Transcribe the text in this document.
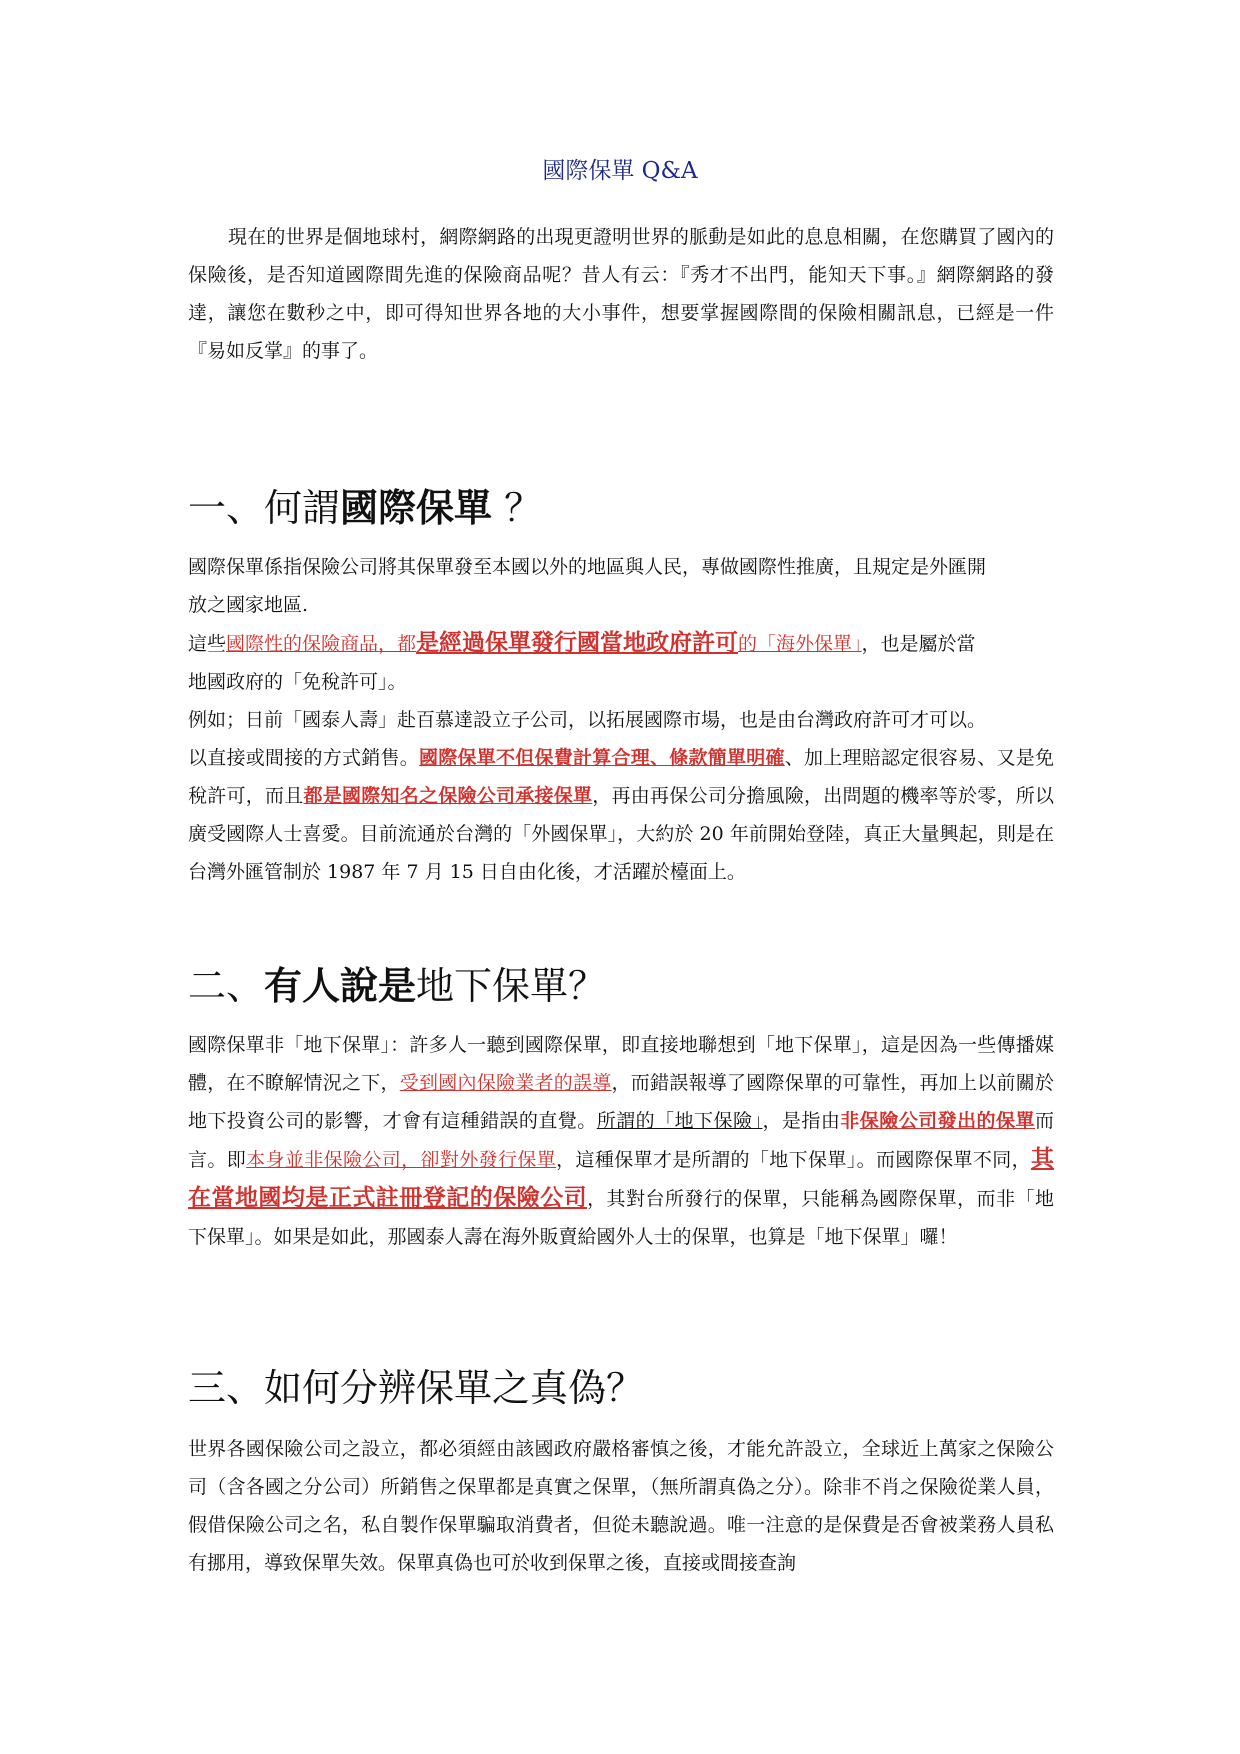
國際保單 Q&A

現在的世界是個地球村，網際網路的出現更證明世界的脈動是如此的息息相關，在您購買了國內的保險後，是否知道國際間先進的保險商品呢？昔人有云：『秀才不出門，能知天下事。』網際網路的發達，讓您在數秒之中，即可得知世界各地的大小事件，想要掌握國際間的保險相關訊息，已經是一件『易如反掌』的事了。

一、何謂國際保單 ？

國際保單係指保險公司將其保單發至本國以外的地區與人民，專做國際性推廣，且規定是外匯開
放之國家地區.
這些國際性的保險商品，都是經過保單發行國當地政府許可的「海外保單」，也是屬於當
地國政府的「免稅許可」。
例如；日前「國泰人壽」赴百慕達設立子公司，以拓展國際市場，也是由台灣政府許可才可以。
以直接或間接的方式銷售。國際保單不但保費計算合理、條款簡單明確、加上理賠認定很容易、又是免稅許可，而且都是國際知名之保險公司承接保單，再由再保公司分擔風險，出問題的機率等於零，所以廣受國際人士喜愛。目前流通於台灣的「外國保單」，大約於 20 年前開始登陸，真正大量興起，則是在台灣外匯管制於 1987 年 7 月 15 日自由化後，才活躍於檯面上。

二、有人說是地下保單？

國際保單非「地下保單」：許多人一聽到國際保單，即直接地聯想到「地下保單」，這是因為一些傳播媒體，在不瞭解情況之下，受到國內保險業者的誤導，而錯誤報導了國際保單的可靠性，再加上以前關於地下投資公司的影響，才會有這種錯誤的直覺。所謂的「地下保險」，是指由非保險公司發出的保單而言。即本身並非保險公司，卻對外發行保單，這種保單才是所謂的「地下保單」。而國際保單不同，其在當地國均是正式註冊登記的保險公司，其對台所發行的保單，只能稱為國際保單，而非「地下保單」。如果是如此，那國泰人壽在海外販賣給國外人士的保單，也算是「地下保單」囉！

三、如何分辨保單之真偽？

世界各國保險公司之設立，都必須經由該國政府嚴格審慎之後，才能允許設立，全球近上萬家之保險公司（含各國之分公司）所銷售之保單都是真實之保單，（無所謂真偽之分）。除非不肖之保險從業人員，假借保險公司之名，私自製作保單騙取消費者，但從未聽說過。唯一注意的是保費是否會被業務人員私有挪用，導致保單失效。保單真偽也可於收到保單之後，直接或間接查詢
